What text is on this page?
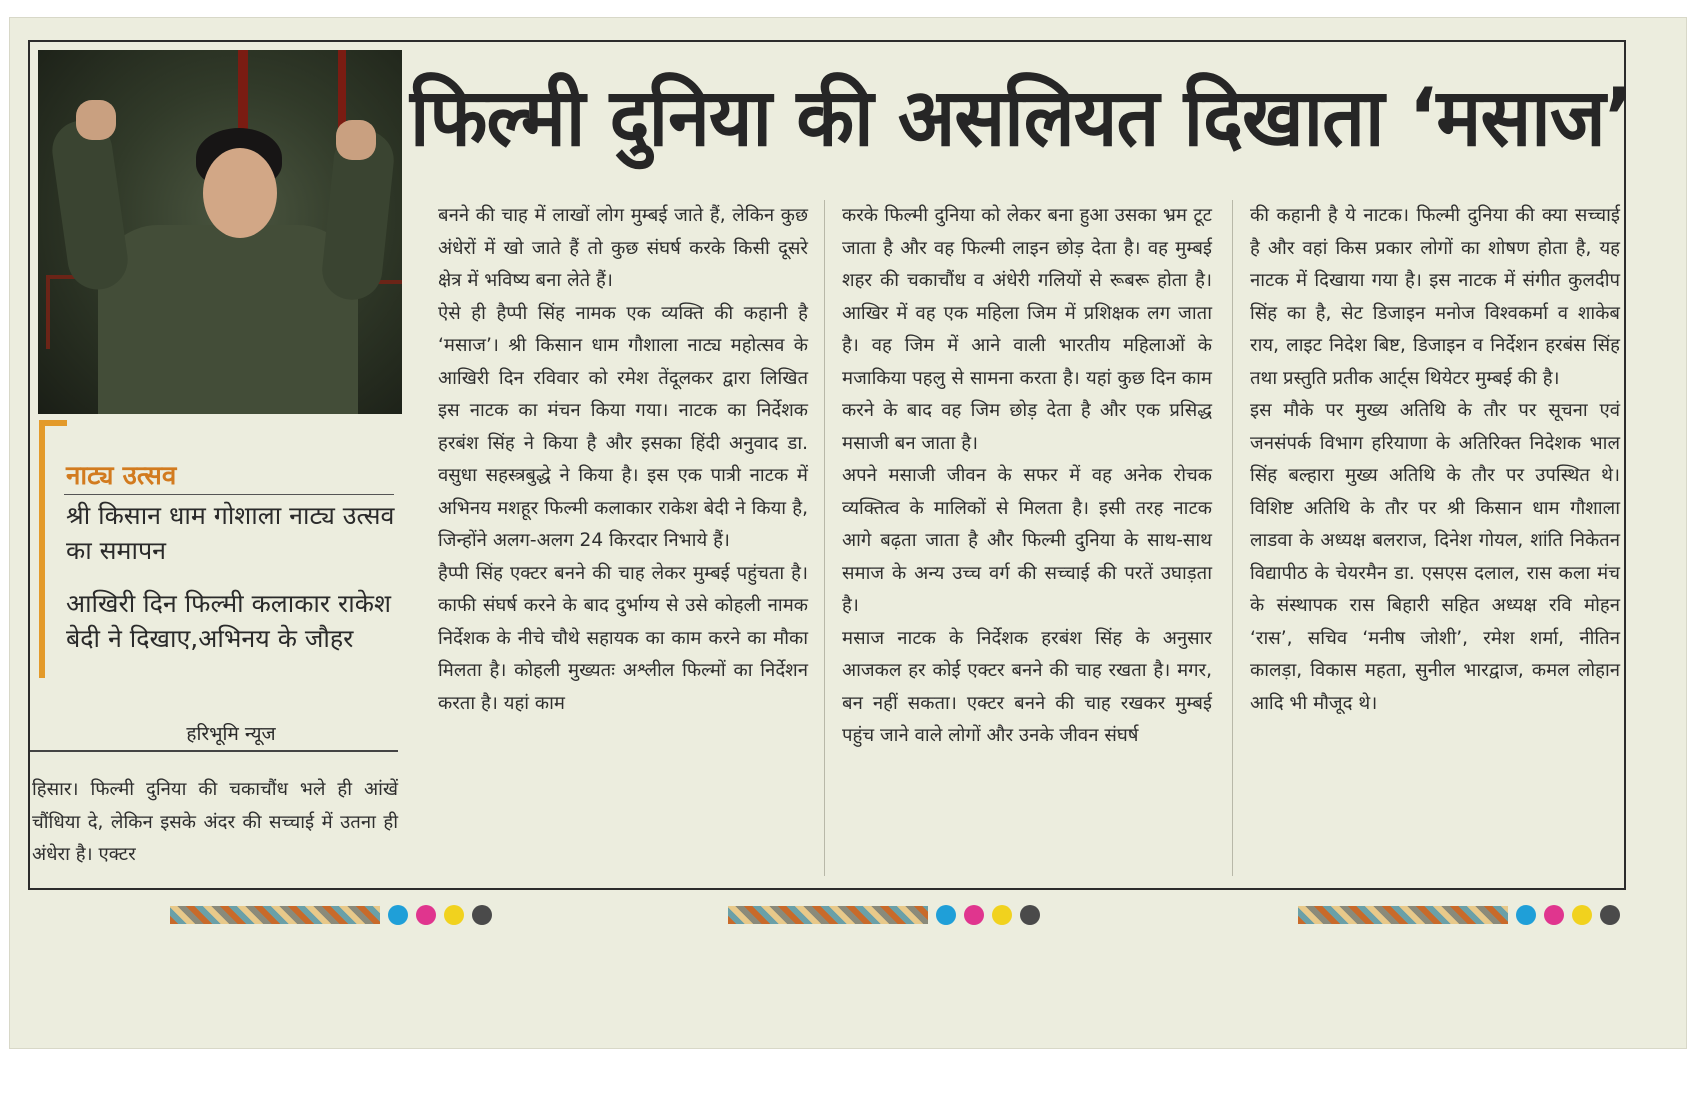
फिल्मी दुनिया की असलियत दिखाता ‘मसाज’
नाट्य उत्सव
श्री किसान धाम गोशाला नाट्य उत्सव का समापन
आखिरी दिन फिल्मी कलाकार राकेश बेदी ने दिखाए,अभिनय के जौहर
हरिभूमि न्यूज
हिसार। फिल्मी दुनिया की चकाचौंध भले ही आंखें चौंधिया दे, लेकिन इसके अंदर की सच्चाई में उतना ही अंधेरा है। एक्टर
बनने की चाह में लाखों लोग मुम्बई जाते हैं, लेकिन कुछ अंधेरों में खो जाते हैं तो कुछ संघर्ष करके किसी दूसरे क्षेत्र में भविष्य बना लेते हैं।
ऐसे ही हैप्पी सिंह नामक एक व्यक्ति की कहानी है ‘मसाज’। श्री किसान धाम गौशाला नाट्य महोत्सव के आखिरी दिन रविवार को रमेश तेंदूलकर द्वारा लिखित इस नाटक का मंचन किया गया। नाटक का निर्देशक हरबंश सिंह ने किया है और इसका हिंदी अनुवाद डा. वसुधा सहस्त्रबुद्धे ने किया है। इस एक पात्री नाटक में अभिनय मशहूर फिल्मी कलाकार राकेश बेदी ने किया है, जिन्होंने अलग-अलग 24 किरदार निभाये हैं।
हैप्पी सिंह एक्टर बनने की चाह लेकर मुम्बई पहुंचता है। काफी संघर्ष करने के बाद दुर्भाग्य से उसे कोहली नामक निर्देशक के नीचे चौथे सहायक का काम करने का मौका मिलता है। कोहली मुख्यतः अश्लील फिल्मों का निर्देशन करता है। यहां काम
करके फिल्मी दुनिया को लेकर बना हुआ उसका भ्रम टूट जाता है और वह फिल्मी लाइन छोड़ देता है। वह मुम्बई शहर की चकाचौंध व अंधेरी गलियों से रूबरू होता है। आखिर में वह एक महिला जिम में प्रशिक्षक लग जाता है। वह जिम में आने वाली भारतीय महिलाओं के मजाकिया पहलु से सामना करता है। यहां कुछ दिन काम करने के बाद वह जिम छोड़ देता है और एक प्रसिद्ध मसाजी बन जाता है।
अपने मसाजी जीवन के सफर में वह अनेक रोचक व्यक्तित्व के मालिकों से मिलता है। इसी तरह नाटक आगे बढ़ता जाता है और फिल्मी दुनिया के साथ-साथ समाज के अन्य उच्च वर्ग की सच्चाई की परतें उघाड़ता है।
मसाज नाटक के निर्देशक हरबंश सिंह के अनुसार आजकल हर कोई एक्टर बनने की चाह रखता है। मगर, बन नहीं सकता। एक्टर बनने की चाह रखकर मुम्बई पहुंच जाने वाले लोगों और उनके जीवन संघर्ष
की कहानी है ये नाटक। फिल्मी दुनिया की क्या सच्चाई है और वहां किस प्रकार लोगों का शोषण होता है, यह नाटक में दिखाया गया है। इस नाटक में संगीत कुलदीप सिंह का है, सेट डिजाइन मनोज विश्वकर्मा व शाकेब राय, लाइट निदेश बिष्ट, डिजाइन व निर्देशन हरबंस सिंह तथा प्रस्तुति प्रतीक आर्ट्स थियेटर मुम्बई की है।
इस मौके पर मुख्य अतिथि के तौर पर सूचना एवं जनसंपर्क विभाग हरियाणा के अतिरिक्त निदेशक भाल सिंह बल्हारा मुख्य अतिथि के तौर पर उपस्थित थे। विशिष्ट अतिथि के तौर पर श्री किसान धाम गौशाला लाडवा के अध्यक्ष बलराज, दिनेश गोयल, शांति निकेतन विद्यापीठ के चेयरमैन डा. एसएस दलाल, रास कला मंच के संस्थापक रास बिहारी सहित अध्यक्ष रवि मोहन ‘रास’, सचिव ‘मनीष जोशी’, रमेश शर्मा, नीतिन कालड़ा, विकास महता, सुनील भारद्वाज, कमल लोहान आदि भी मौजूद थे।
